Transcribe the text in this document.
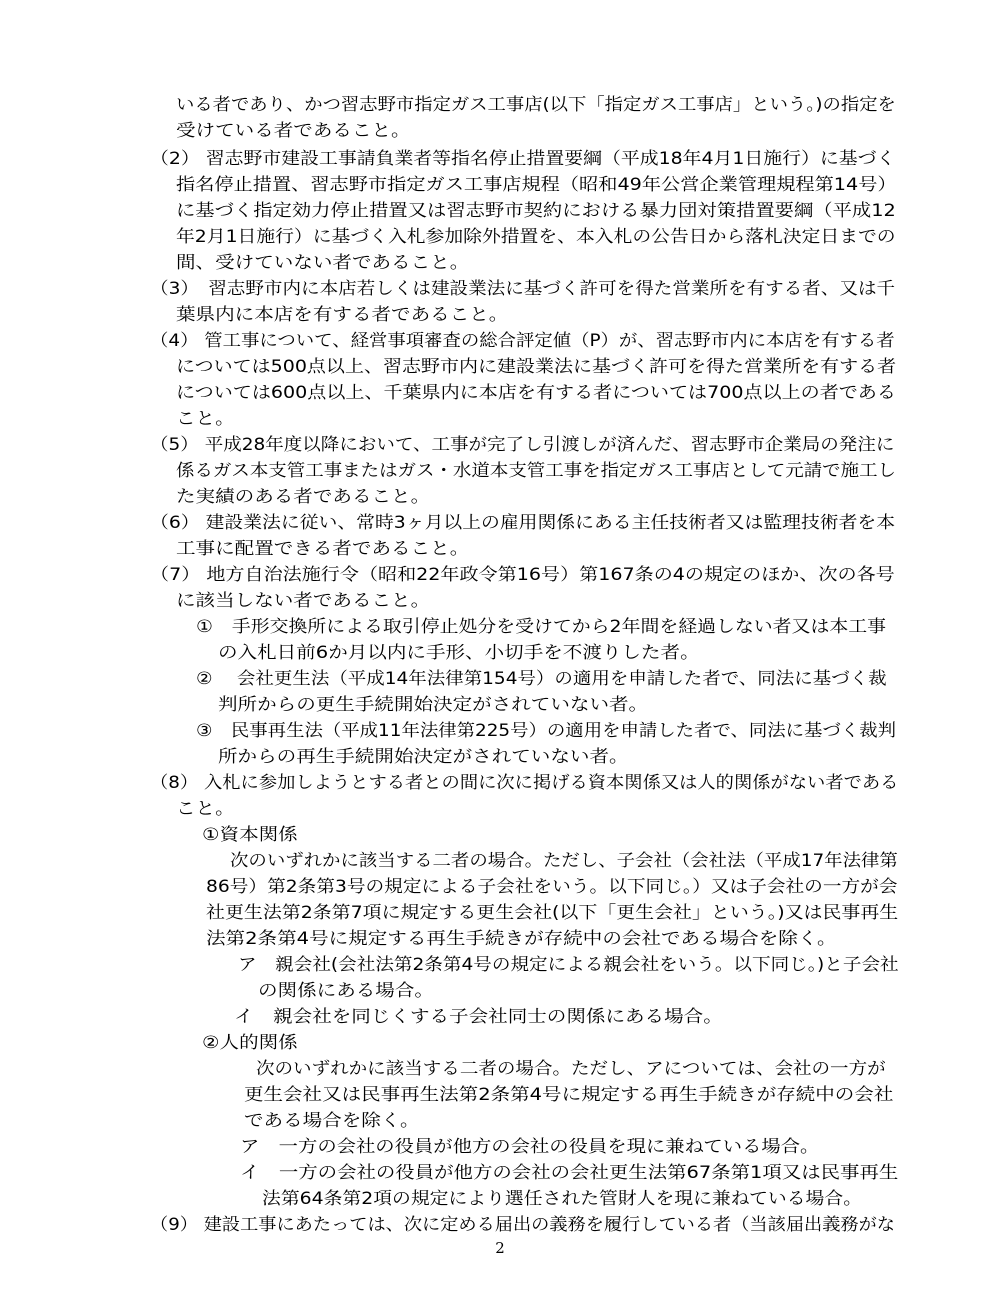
いる者であり、かつ習志野市指定ガス工事店(以下「指定ガス工事店」という。)の指定を
受けている者であること。
（2） 習志野市建設工事請負業者等指名停止措置要綱（平成18年4月1日施行）に基づく
指名停止措置、習志野市指定ガス工事店規程（昭和49年公営企業管理規程第14号）
に基づく指定効力停止措置又は習志野市契約における暴力団対策措置要綱（平成12
年2月1日施行）に基づく入札参加除外措置を、本入札の公告日から落札決定日までの
間、受けていない者であること。
（3）　習志野市内に本店若しくは建設業法に基づく許可を得た営業所を有する者、又は千
葉県内に本店を有する者であること。
（4） 管工事について、経営事項審査の総合評定値（P）が、習志野市内に本店を有する者
については500点以上、習志野市内に建設業法に基づく許可を得た営業所を有する者
については600点以上、千葉県内に本店を有する者については700点以上の者である
こと。
（5） 平成28年度以降において、工事が完了し引渡しが済んだ、習志野市企業局の発注に
係るガス本支管工事またはガス・水道本支管工事を指定ガス工事店として元請で施工し
た実績のある者であること。
（6） 建設業法に従い、常時3ヶ月以上の雇用関係にある主任技術者又は監理技術者を本
工事に配置できる者であること。
（7） 地方自治法施行令（昭和22年政令第16号）第167条の4の規定のほか、次の各号
に該当しない者であること。
①　手形交換所による取引停止処分を受けてから2年間を経過しない者又は本工事
の入札日前6か月以内に手形、小切手を不渡りした者。
②　 会社更生法（平成14年法律第154号）の適用を申請した者で、同法に基づく裁
判所からの更生手続開始決定がされていない者。
③　民事再生法（平成11年法律第225号）の適用を申請した者で、同法に基づく裁判
所からの再生手続開始決定がされていない者。
（8） 入札に参加しようとする者との間に次に掲げる資本関係又は人的関係がない者である
こと。
①資本関係
次のいずれかに該当する二者の場合。ただし、子会社（会社法（平成17年法律第
86号）第2条第3号の規定による子会社をいう。以下同じ。）又は子会社の一方が会
社更生法第2条第7項に規定する更生会社(以下「更生会社」という。)又は民事再生
法第2条第4号に規定する再生手続きが存続中の会社である場合を除く。
ア　親会社(会社法第2条第4号の規定による親会社をいう。以下同じ。)と子会社
の関係にある場合。
イ　親会社を同じくする子会社同士の関係にある場合。
②人的関係
次のいずれかに該当する二者の場合。ただし、アについては、会社の一方が
更生会社又は民事再生法第2条第4号に規定する再生手続きが存続中の会社
である場合を除く。
ア　一方の会社の役員が他方の会社の役員を現に兼ねている場合。
イ　一方の会社の役員が他方の会社の会社更生法第67条第1項又は民事再生
法第64条第2項の規定により選任された管財人を現に兼ねている場合。
（9） 建設工事にあたっては、次に定める届出の義務を履行している者（当該届出義務がな
2
